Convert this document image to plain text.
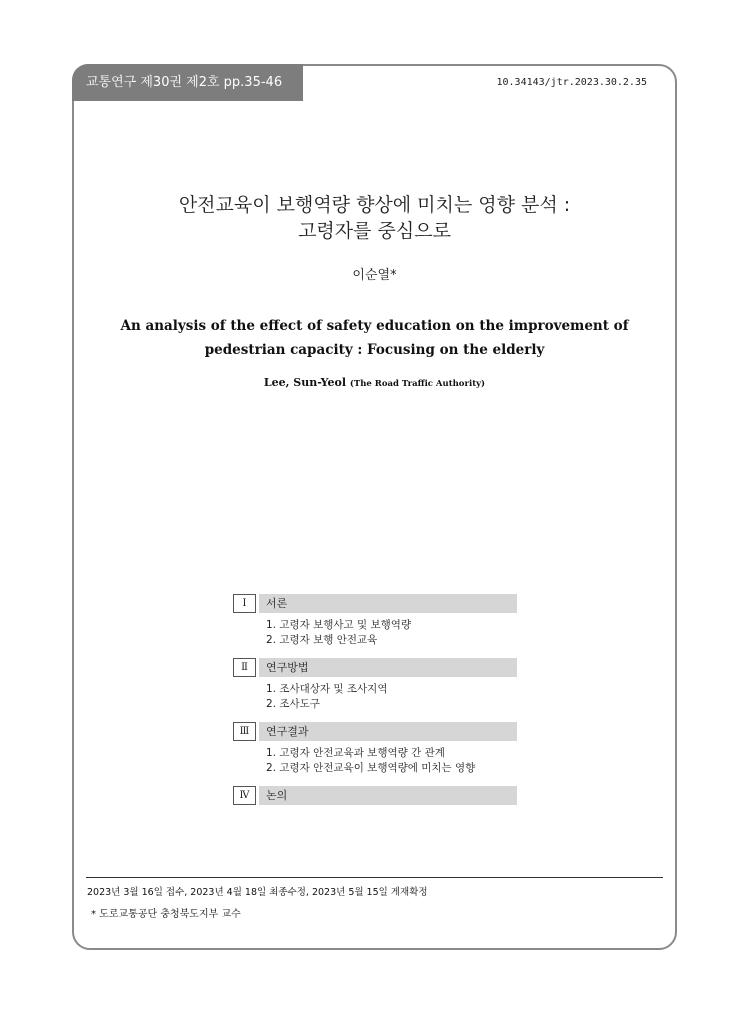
교통연구 제30권 제2호 pp.35-46	10.34143/jtr.2023.30.2.35
안전교육이 보행역량 향상에 미치는 영향 분석 :
고령자를 중심으로
이순열*
An analysis of the effect of safety education on the improvement of
pedestrian capacity : Focusing on the elderly
Lee, Sun-Yeol (The Road Traffic Authority)
Ⅰ	서론
1. 고령자 보행사고 및 보행역량
2. 고령자 보행 안전교육
Ⅱ	연구방법
1. 조사대상자 및 조사지역
2. 조사도구
Ⅲ	연구결과
1. 고령자 안전교육과 보행역량 간 관계
2. 고령자 안전교육이 보행역량에 미치는 영향
Ⅳ	논의
2023년 3월 16일 접수, 2023년 4월 18일 최종수정, 2023년 5월 15일 게재확정
* 도로교통공단 충청북도지부 교수
